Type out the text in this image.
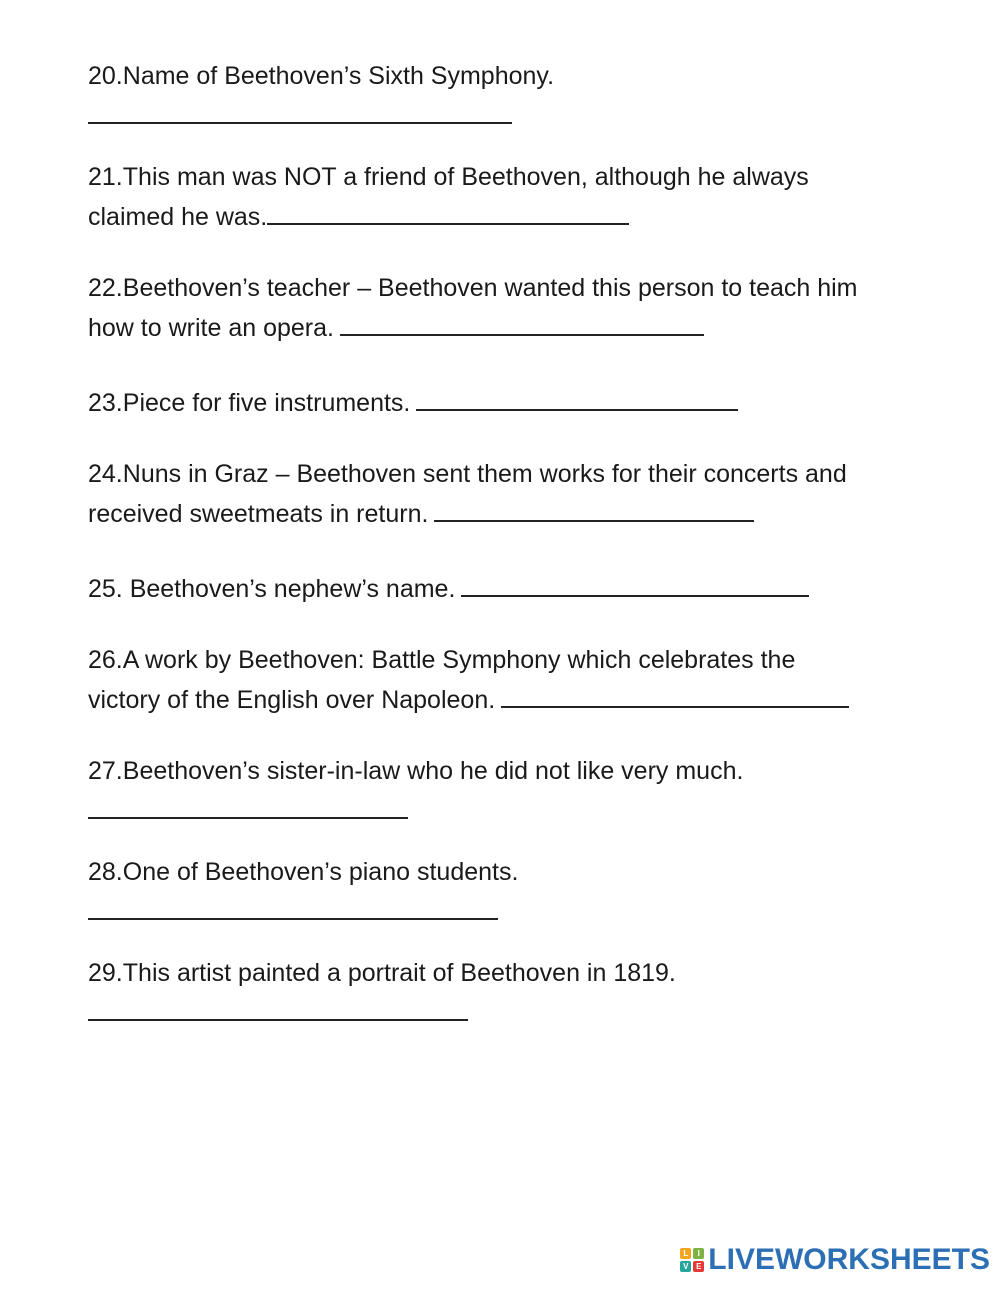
20.Name of Beethoven’s Sixth Symphony.
21.This man was NOT a friend of Beethoven, although he always
claimed he was.
22.Beethoven’s teacher – Beethoven wanted this person to teach him
how to write an opera.
23.Piece for five instruments.
24.Nuns in Graz – Beethoven sent them works for their concerts and
received sweetmeats in return.
25. Beethoven’s nephew’s name.
26.A work by Beethoven: Battle Symphony which celebrates the
victory of the English over Napoleon.
27.Beethoven’s sister-in-law who he did not like very much.
28.One of Beethoven’s piano students.
29.This artist painted a portrait of Beethoven in 1819.
L	I
V E LIVEWORKSHEETS
